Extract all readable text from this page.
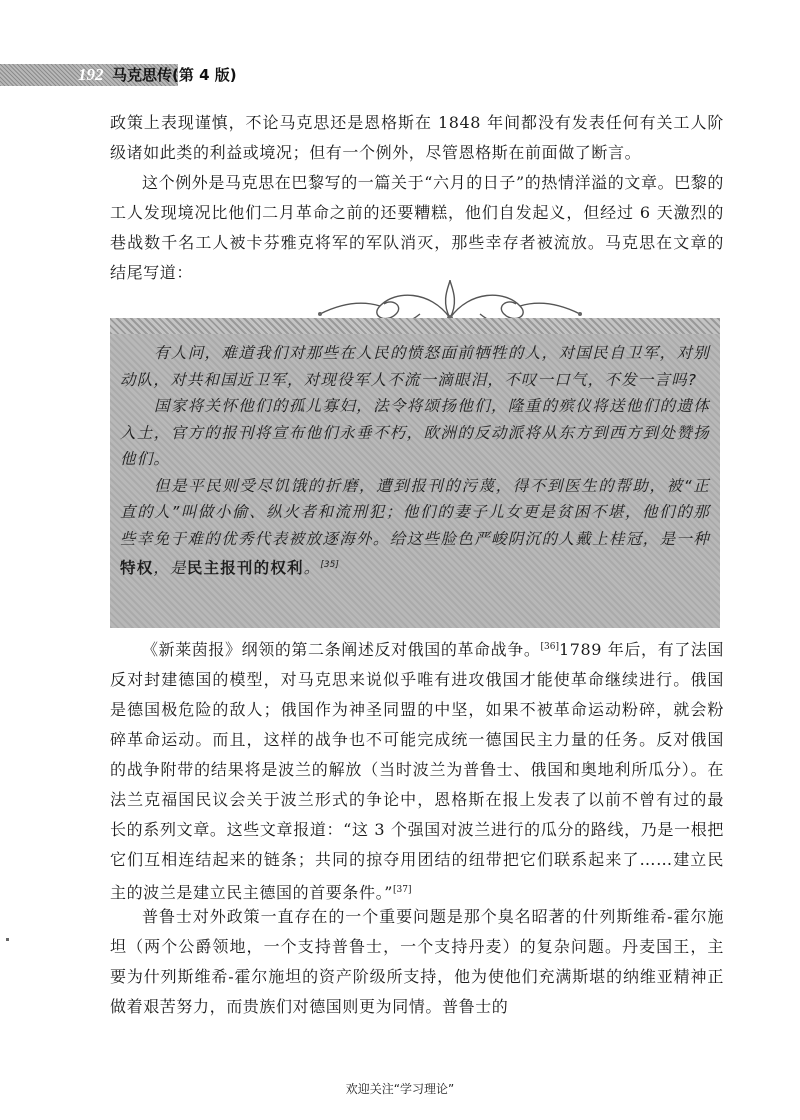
192 马克思传(第 4 版)

政策上表现谨慎，不论马克思还是恩格斯在 1848 年间都没有发表任何有关工人阶级诸如此类的利益或境况；但有一个例外，尽管恩格斯在前面做了断言。

这个例外是马克思在巴黎写的一篇关于“六月的日子”的热情洋溢的文章。巴黎的工人发现境况比他们二月革命之前的还要糟糕，他们自发起义，但经过 6 天激烈的巷战数千名工人被卡芬雅克将军的军队消灭，那些幸存者被流放。马克思在文章的结尾写道：

有人问，难道我们对那些在人民的愤怒面前牺牲的人，对国民自卫军，对别动队，对共和国近卫军，对现役军人不流一滴眼泪，不叹一口气，不发一言吗?

国家将关怀他们的孤儿寡妇，法令将颂扬他们，隆重的殡仪将送他们的遗体入土，官方的报刊将宣布他们永垂不朽，欧洲的反动派将从东方到西方到处赞扬他们。

但是平民则受尽饥饿的折磨，遭到报刊的污蔑，得不到医生的帮助，被“正直的人”叫做小偷、纵火者和流刑犯；他们的妻子儿女更是贫困不堪，他们的那些幸免于难的优秀代表被放逐海外。给这些脸色严峻阴沉的人戴上桂冠，是一种特权，是民主报刊的权利。[35]

《新莱茵报》纲领的第二条阐述反对俄国的革命战争。[36]1789 年后，有了法国反对封建德国的模型，对马克思来说似乎唯有进攻俄国才能使革命继续进行。俄国是德国极危险的敌人；俄国作为神圣同盟的中坚，如果不被革命运动粉碎，就会粉碎革命运动。而且，这样的战争也不可能完成统一德国民主力量的任务。反对俄国的战争附带的结果将是波兰的解放（当时波兰为普鲁士、俄国和奥地利所瓜分）。在法兰克福国民议会关于波兰形式的争论中，恩格斯在报上发表了以前不曾有过的最长的系列文章。这些文章报道：“这 3 个强国对波兰进行的瓜分的路线，乃是一根把它们互相连结起来的链条；共同的掠夺用团结的纽带把它们联系起来了……建立民主的波兰是建立民主德国的首要条件。”[37]

普鲁士对外政策一直存在的一个重要问题是那个臭名昭著的什列斯维希-霍尔施坦（两个公爵领地，一个支持普鲁士，一个支持丹麦）的复杂问题。丹麦国王，主要为什列斯维希-霍尔施坦的资产阶级所支持，他为使他们充满斯堪的纳维亚精神正做着艰苦努力，而贵族们对德国则更为同情。普鲁士的

欢迎关注“学习理论”
